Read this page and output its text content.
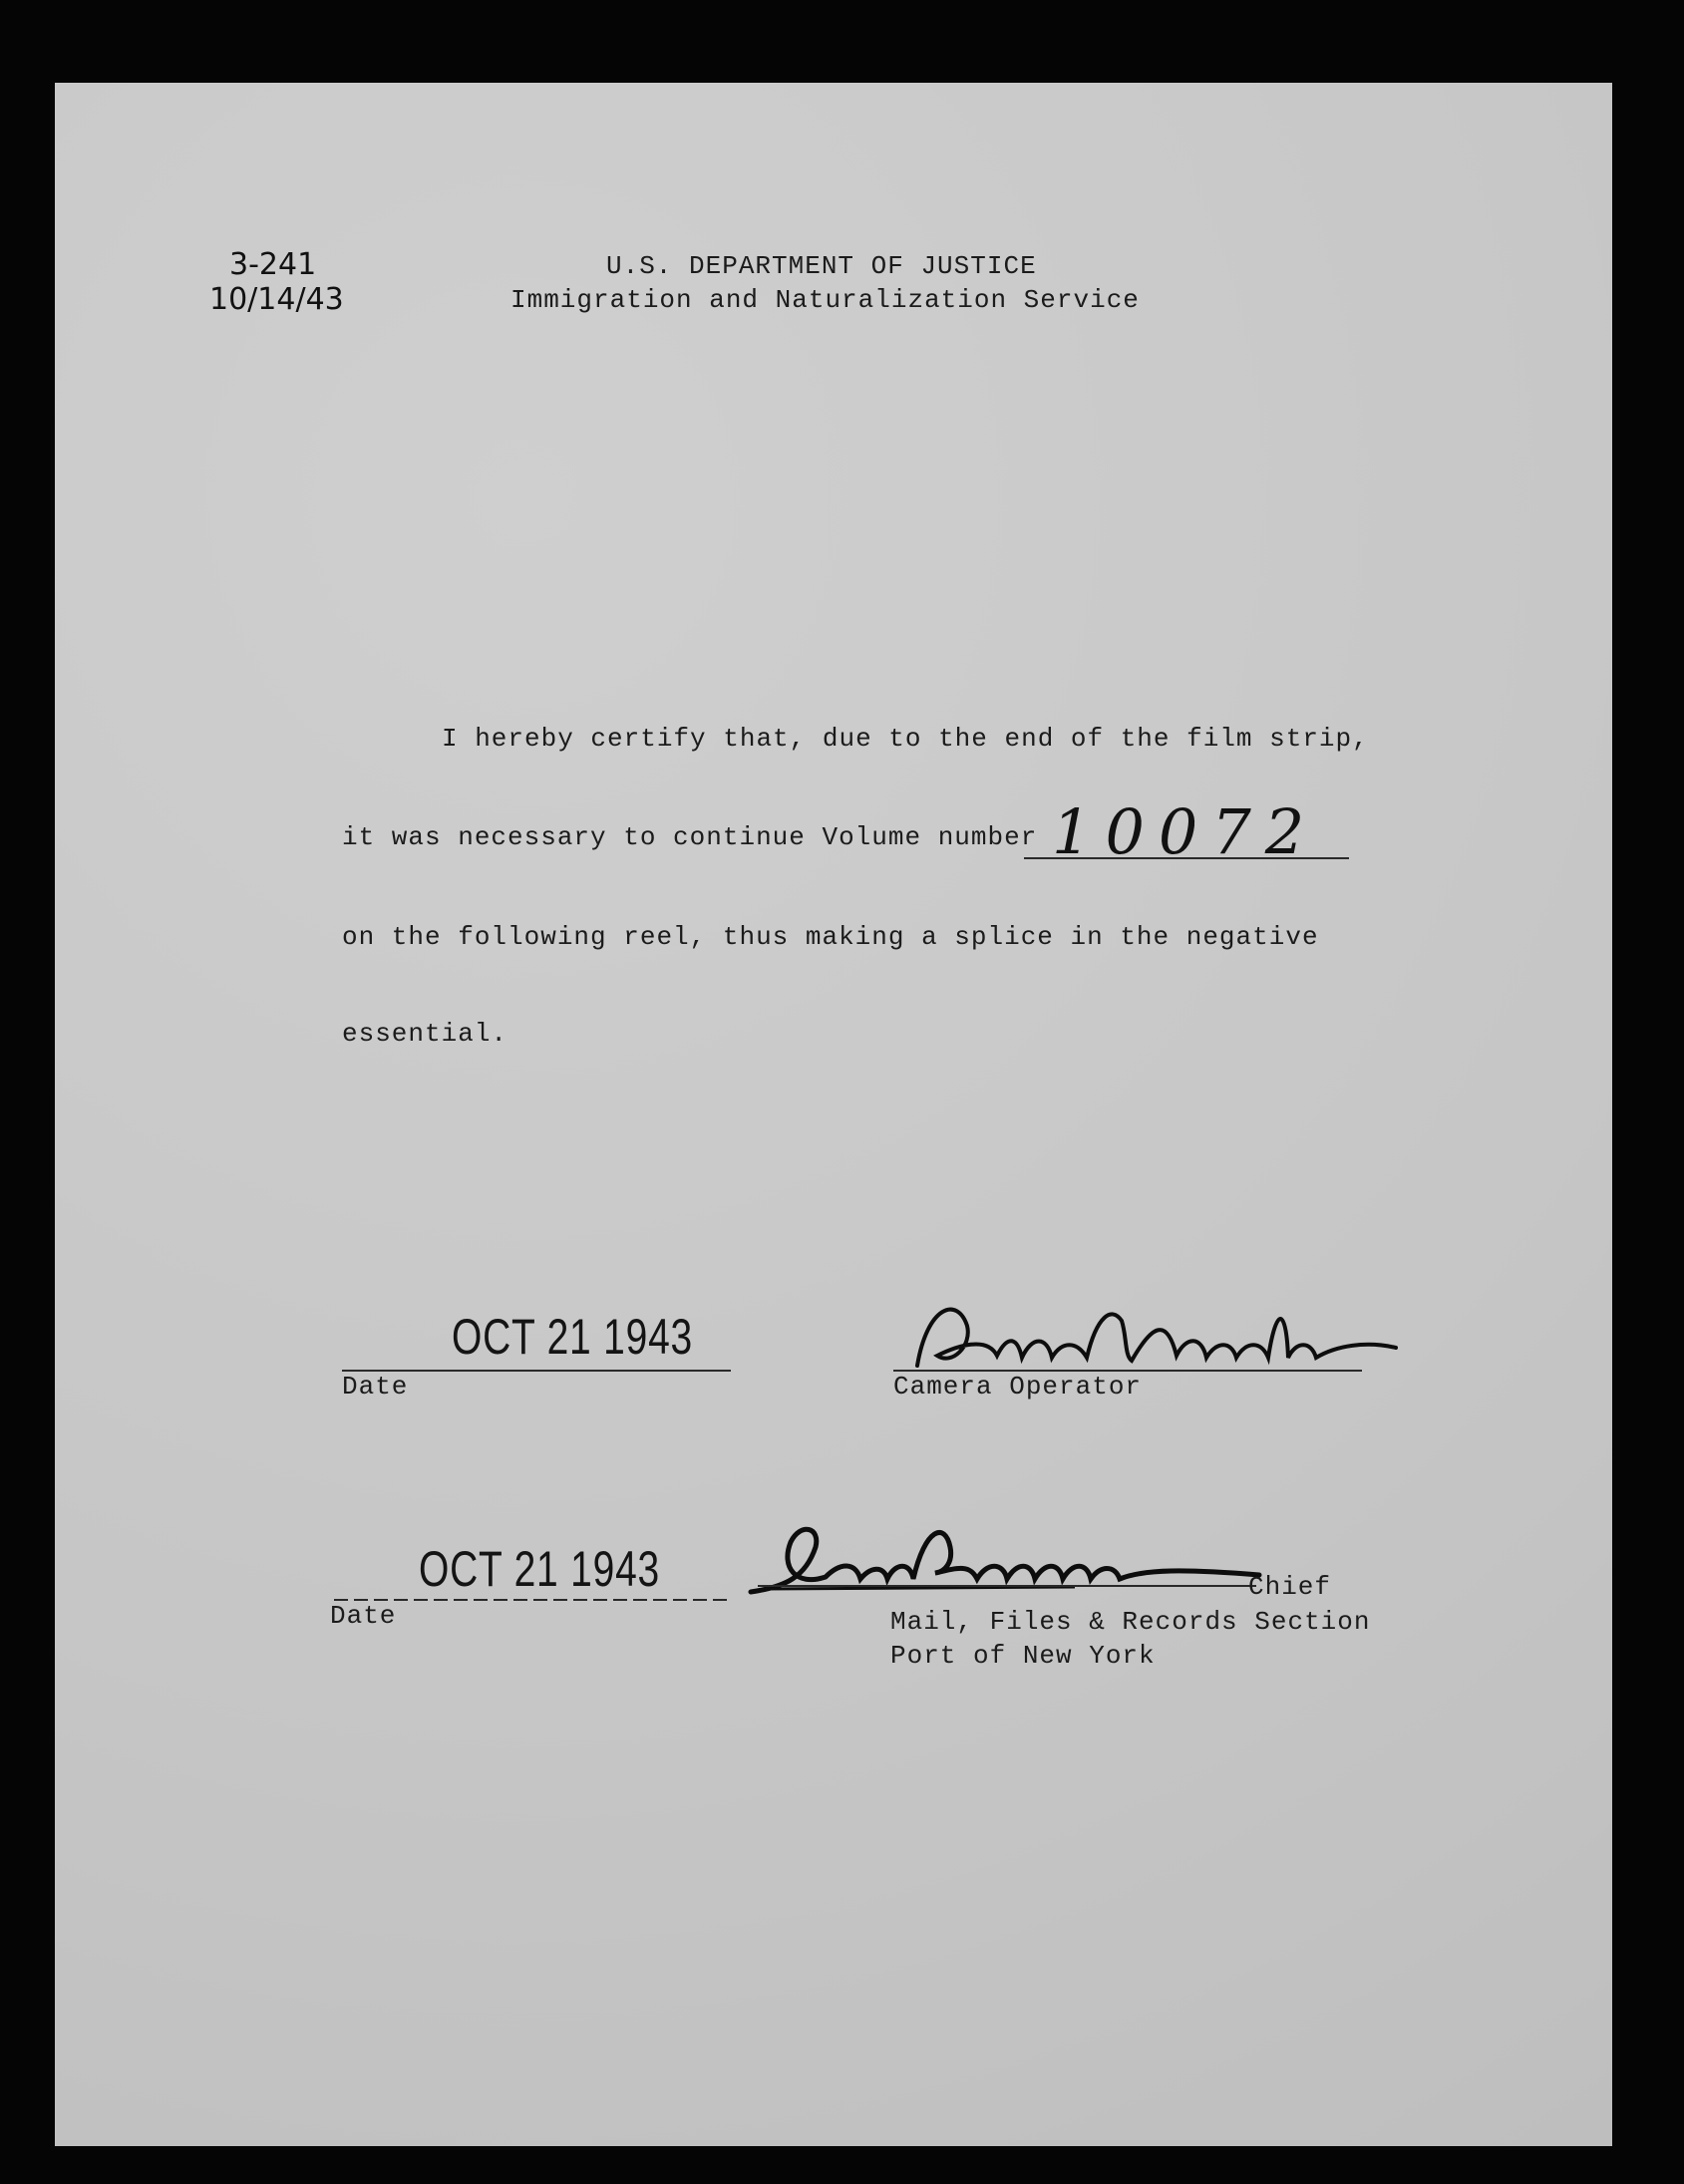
3-241
10/14/43
U.S. DEPARTMENT OF JUSTICE
Immigration and Naturalization Service
I hereby certify that, due to the end of the film strip,
it was necessary to continue Volume number 10072
on the following reel, thus making a splice in the negative
essential.
OCT 21 1943
Date	Camera Operator
OCT 21 1943
Date
Chief
Mail, Files & Records Section
Port of New York
